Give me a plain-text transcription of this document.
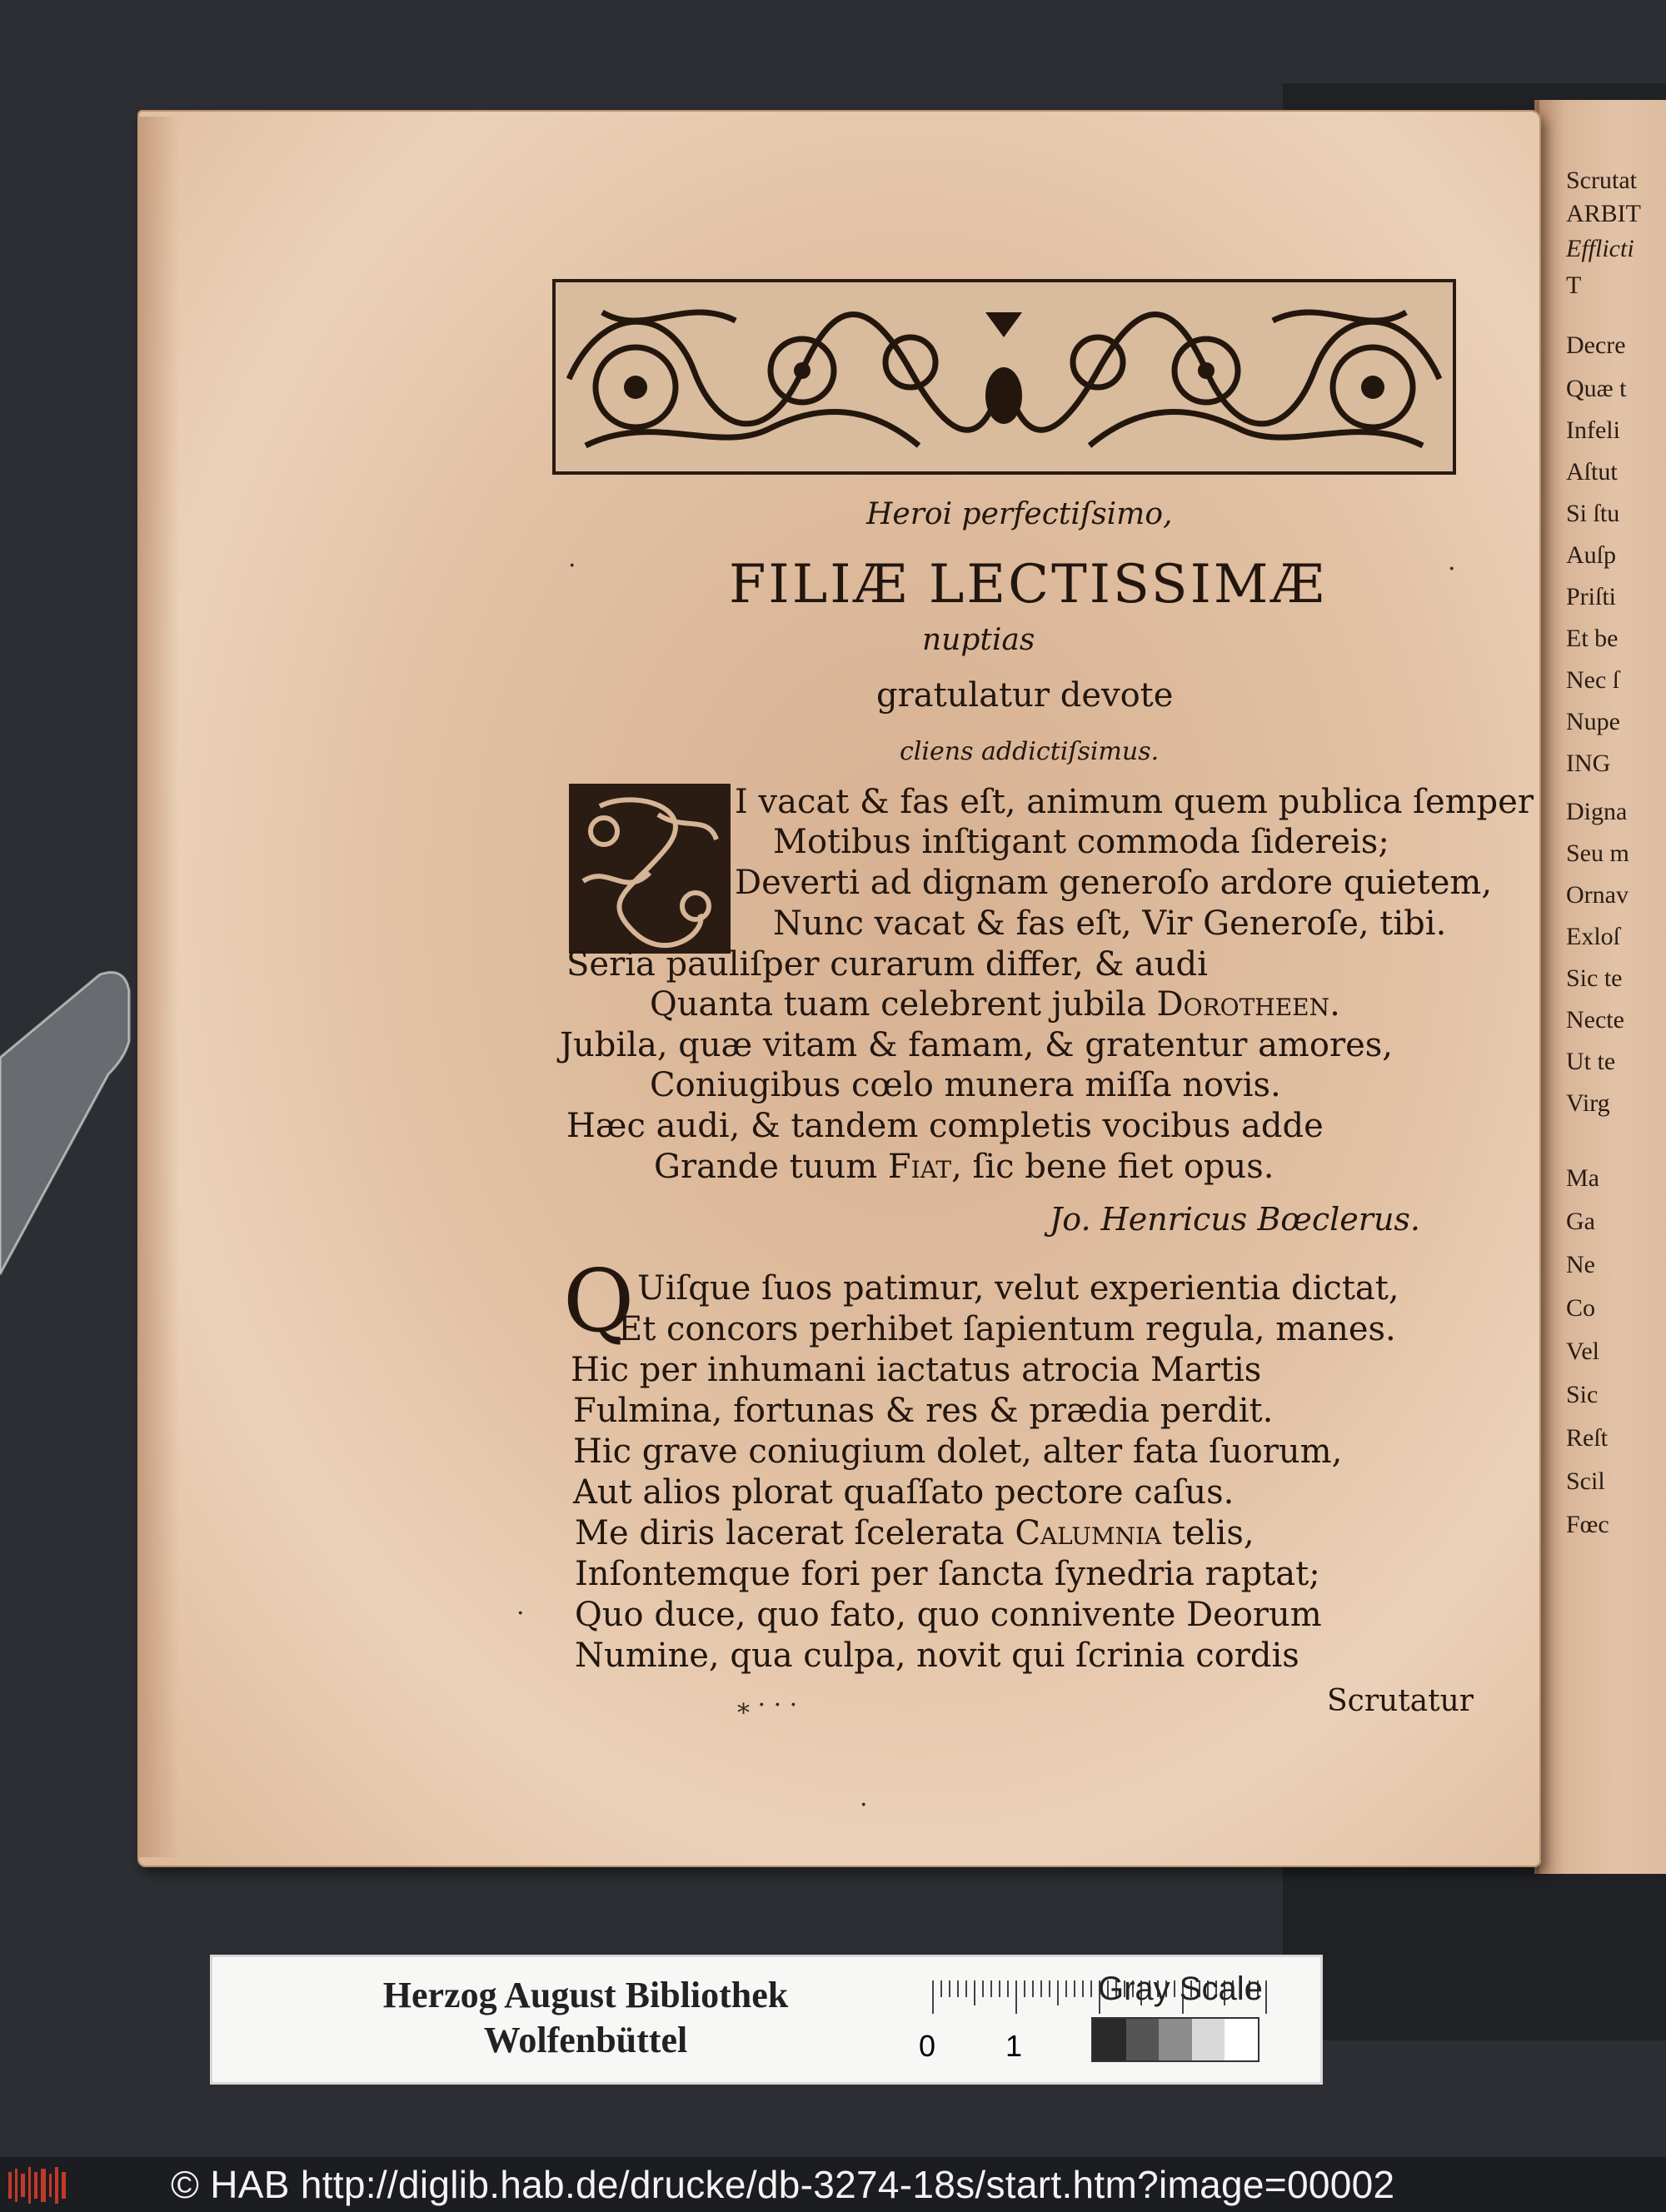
Scrutat
ARBIT
Efflicti
T
Decre
Quæ t
Infeli
Aſtut
Si ſtu
Auſp
Priſti
Et be
Nec ſ
Nupe
ING
Digna
Seu m
Ornav
Exloſ
Sic te
Necte
Ut te
Virg
Ma
Ga
Ne
Co
Vel
Sic
Reſt
Scil
Fœc
Heroi perfectiſsimo,
FILIÆ LECTISSIMÆ
nuptias
gratulatur devote
cliens addictiſsimus.
I vacat & fas eſt, animum quem publica ſemper
Motibus inſtigant commoda ſidereis;
Deverti ad dignam generoſo ardore quietem,
Nunc vacat & fas eſt, Vir Generoſe, tibi.
Seria pauliſper curarum differ, & audi
Quanta tuam celebrent jubila Dorotheen.
Jubila, quæ vitam & famam, & gratentur amores,
Coniugibus cœlo munera miſſa novis.
Hæc audi, & tandem completis vocibus adde
Grande tuum Fiat, ſic bene fiet opus.
Jo. Henricus Bœclerus.
Q Uiſque ſuos patimur, velut experientia dictat,
Et concors perhibet ſapientum regula, manes.
Hic per inhumani iactatus atrocia Martis
Fulmina, fortunas & res & prædia perdit.
Hic grave coniugium dolet, alter fata ſuorum,
Aut alios plorat quaſſato pectore caſus.
Me diris lacerat ſcelerata Calumnia telis,
Inſontemque fori per ſancta ſynedria raptat;
Quo duce, quo fato, quo connivente Deorum
Numine, qua culpa, novit qui ſcrinia cordis
Scrutatur
·	·
·
·
⁎ · · ·
Herzog August Bibliothek
Wolfenbüttel	0 1
Gray Scale
© HAB http://diglib.hab.de/drucke/db-3274-18s/start.htm?image=00002
